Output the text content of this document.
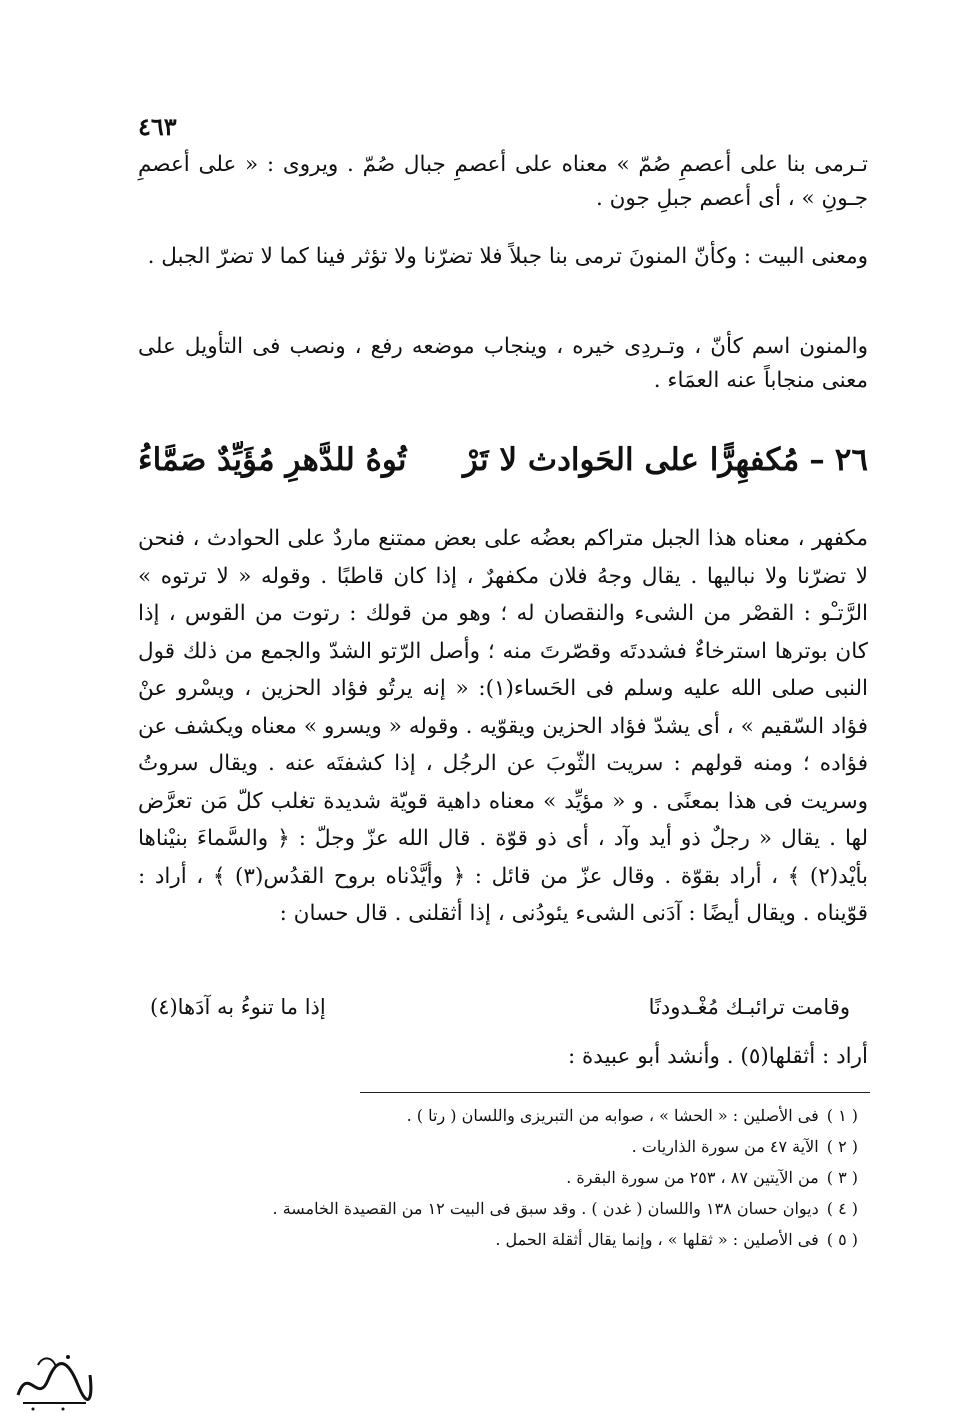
٤٦٣

تـرمى بنا على أعصمِ صُمّ » معناه على أعصمِ جبال صُمّ . ويروى : « على أعصمِ جـونِ » ، أى أعصم جبلِ جون .

ومعنى البيت : وكأنّ المنونَ ترمى بنا جبلاً فلا تضرّنا ولا تؤثر فينا كما لا تضرّ الجبل .

والمنون اسم كأنّ ، وتـردِى خيره ، وينجاب موضعه رفع ، ونصب فى التأويل على معنى منجاباً عنه العمَاء .

٢٦
–
مُكفهِرًّا على الحَوادث لا تَرْ
تُوهُ للدَّهرِ مُؤَيِّدٌ صَمَّاءُ

مكفهر ، معناه هذا الجبل متراكم بعضُه على بعض ممتنع ماردٌ على الحوادث ، فنحن لا تضرّنا ولا نباليها . يقال وجهُ فلان مكفهرٌ ، إذا كان قاطبًا . وقوله « لا ترتوه » الرَّتـْو : القصْر من الشىء والنقصان له ؛ وهو من قولك : رتوت من القوس ، إذا كان بوترها استرخاءٌ فشددتَه وقصّرتَ منه ؛ وأصل الرّتو الشدّ والجمع من ذلك قول النبى صلى الله عليه وسلم فى الحَساء(١): « إنه يرتُو فؤاد الحزين ، ويسْرو عنْ فؤاد السّقيم » ، أى يشدّ فؤاد الحزين ويقوّيه . وقوله « ويسرو » معناه ويكشف عن فؤاده ؛ ومنه قولهم : سريت الثّوبَ عن الرجُل ، إذا كشفتَه عنه . ويقال سروتُ وسريت فى هذا بمعنًى . و « مؤيِّد » معناه داهية قويّة شديدة تغلب كلّ مَن تعرَّض لها . يقال « رجلٌ ذو أيد وآد ، أى ذو قوّة . قال الله عزّ وجلّ : ﴿ والسَّماءَ بنيْناها بأيْد(٢) ﴾ ، أراد بقوّة . وقال عزّ من قائل : ﴿ وأيَّدْناه بروح القدُس(٣) ﴾ ، أراد : قوّيناه . ويقال أيضًا : آدَنى الشىء يئودُنى ، إذا أثقلنى . قال حسان :

وقامت ترائبـك مُغْـدودنًا
إذا ما تنوءُ به آدَها(٤)

أراد : أثقلها(٥) . وأنشد أبو عبيدة :

( ١ )فى الأصلين : « الحشا » ، صوابه من التبريزى واللسان ( رتا ) .
( ٢ )الآية ٤٧ من سورة الذاريات .
( ٣ )من الآيتين ٨٧ ، ٢٥٣ من سورة البقرة .
( ٤ )ديوان حسان ١٣٨ واللسان ( غدن ) . وقد سبق فى البيت ١٢ من القصيدة الخامسة .
( ٥ )فى الأصلين : « ثقلها » ، وإنما يقال أثقلة الحمل .
